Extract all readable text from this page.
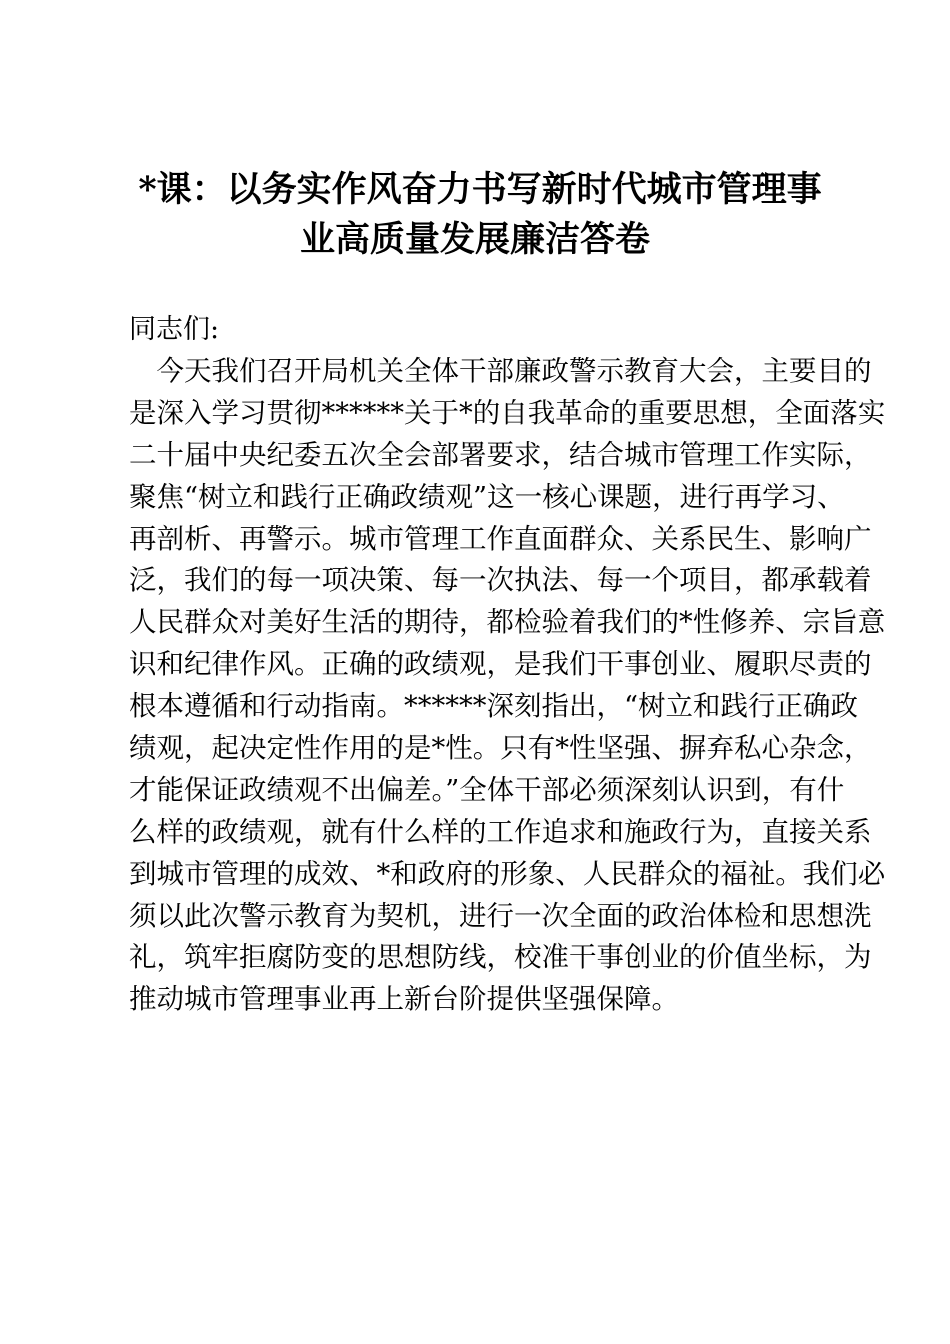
*课：以务实作风奋力书写新时代城市管理事
业高质量发展廉洁答卷
同志们:
　今天我们召开局机关全体干部廉政警示教育大会，主要目的
是深入学习贯彻******关于*的自我革命的重要思想，全面落实
二十届中央纪委五次全会部署要求，结合城市管理工作实际，
聚焦“树立和践行正确政绩观”这一核心课题，进行再学习、
再剖析、再警示。城市管理工作直面群众、关系民生、影响广
泛，我们的每一项决策、每一次执法、每一个项目，都承载着
人民群众对美好生活的期待，都检验着我们的*性修养、宗旨意
识和纪律作风。正确的政绩观，是我们干事创业、履职尽责的
根本遵循和行动指南。******深刻指出，“树立和践行正确政
绩观，起决定性作用的是*性。只有*性坚强、摒弃私心杂念，
才能保证政绩观不出偏差。”全体干部必须深刻认识到，有什
么样的政绩观，就有什么样的工作追求和施政行为，直接关系
到城市管理的成效、*和政府的形象、人民群众的福祉。我们必
须以此次警示教育为契机，进行一次全面的政治体检和思想洗
礼，筑牢拒腐防变的思想防线，校准干事创业的价值坐标，为
推动城市管理事业再上新台阶提供坚强保障。
